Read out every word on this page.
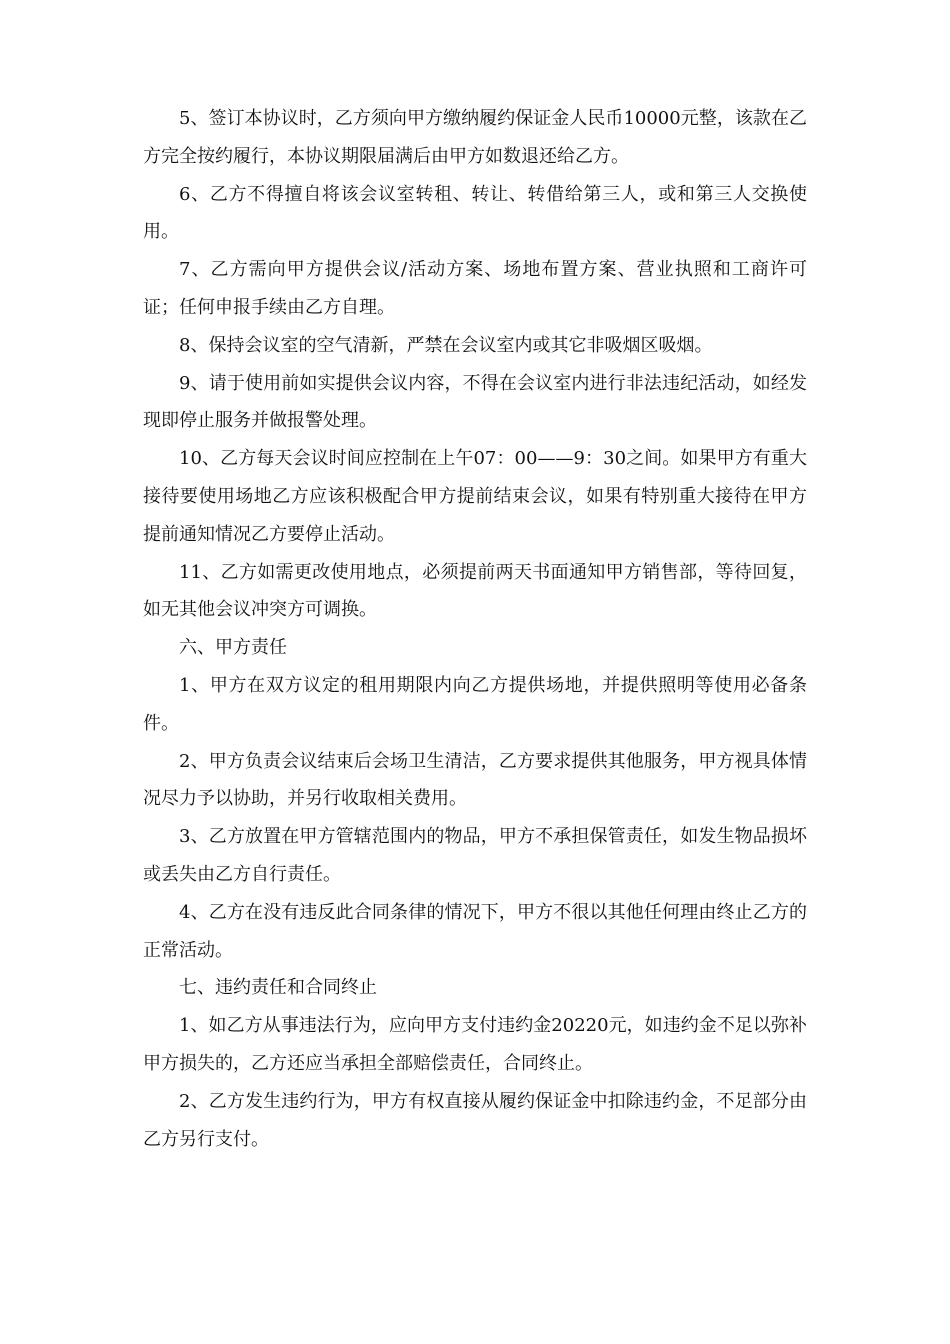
5、签订本协议时，乙方须向甲方缴纳履约保证金人民币10000元整，该款在乙方完全按约履行，本协议期限届满后由甲方如数退还给乙方。

6、乙方不得擅自将该会议室转租、转让、转借给第三人，或和第三人交换使用。

7、乙方需向甲方提供会议/活动方案、场地布置方案、营业执照和工商许可证；任何申报手续由乙方自理。

8、保持会议室的空气清新，严禁在会议室内或其它非吸烟区吸烟。

9、请于使用前如实提供会议内容，不得在会议室内进行非法违纪活动，如经发现即停止服务并做报警处理。

10、乙方每天会议时间应控制在上午07：00——9：30之间。如果甲方有重大接待要使用场地乙方应该积极配合甲方提前结束会议，如果有特别重大接待在甲方提前通知情况乙方要停止活动。

11、乙方如需更改使用地点，必须提前两天书面通知甲方销售部，等待回复，如无其他会议冲突方可调换。

六、甲方责任

1、甲方在双方议定的租用期限内向乙方提供场地，并提供照明等使用必备条件。

2、甲方负责会议结束后会场卫生清洁，乙方要求提供其他服务，甲方视具体情况尽力予以协助，并另行收取相关费用。

3、乙方放置在甲方管辖范围内的物品，甲方不承担保管责任，如发生物品损坏或丢失由乙方自行责任。

4、乙方在没有违反此合同条律的情况下，甲方不很以其他任何理由终止乙方的正常活动。

七、违约责任和合同终止

1、如乙方从事违法行为，应向甲方支付违约金20220元，如违约金不足以弥补甲方损失的，乙方还应当承担全部赔偿责任，合同终止。

2、乙方发生违约行为，甲方有权直接从履约保证金中扣除违约金，不足部分由乙方另行支付。
